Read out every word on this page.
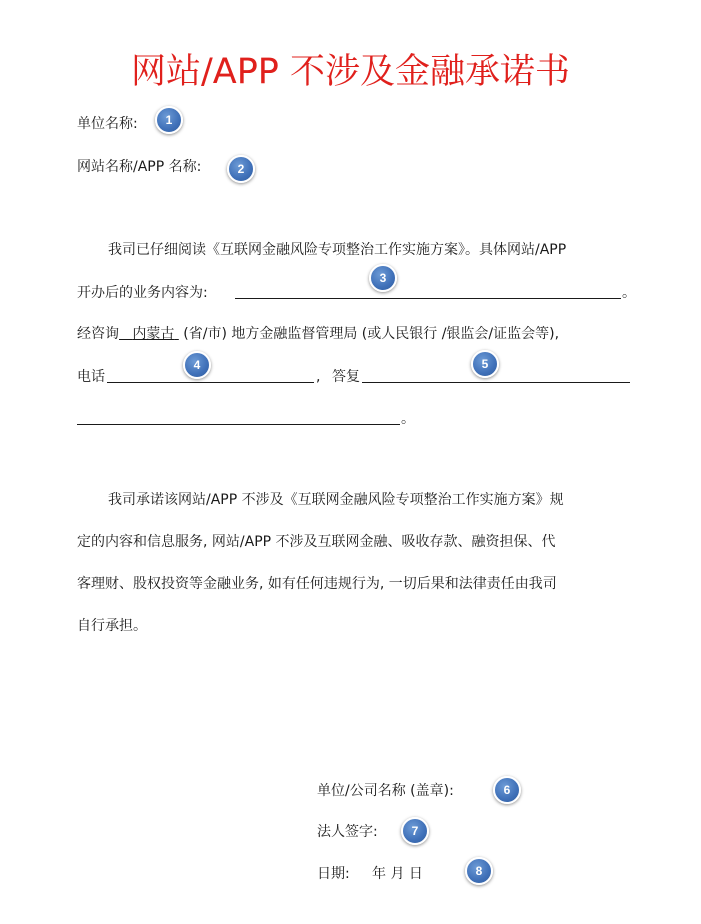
网站/APP 不涉及金融承诺书
单位名称:
网站名称/APP 名称:
我司已仔细阅读《互联网金融风险专项整治工作实施方案》。具体网站/APP
开办后的业务内容为:	。
经咨询 内蒙古 (省/市) 地方金融监督管理局 (或人民银行 /银监会/证监会等),
电话	, 答复
。
我司承诺该网站/APP 不涉及《互联网金融风险专项整治工作实施方案》规
定的内容和信息服务, 网站/APP 不涉及互联网金融、吸收存款、融资担保、代
客理财、股权投资等金融业务, 如有任何违规行为, 一切后果和法律责任由我司
自行承担。
单位/公司名称 (盖章):
法人签字:
日期: 年 月 日
1
2
3
4	5
6
7
8
